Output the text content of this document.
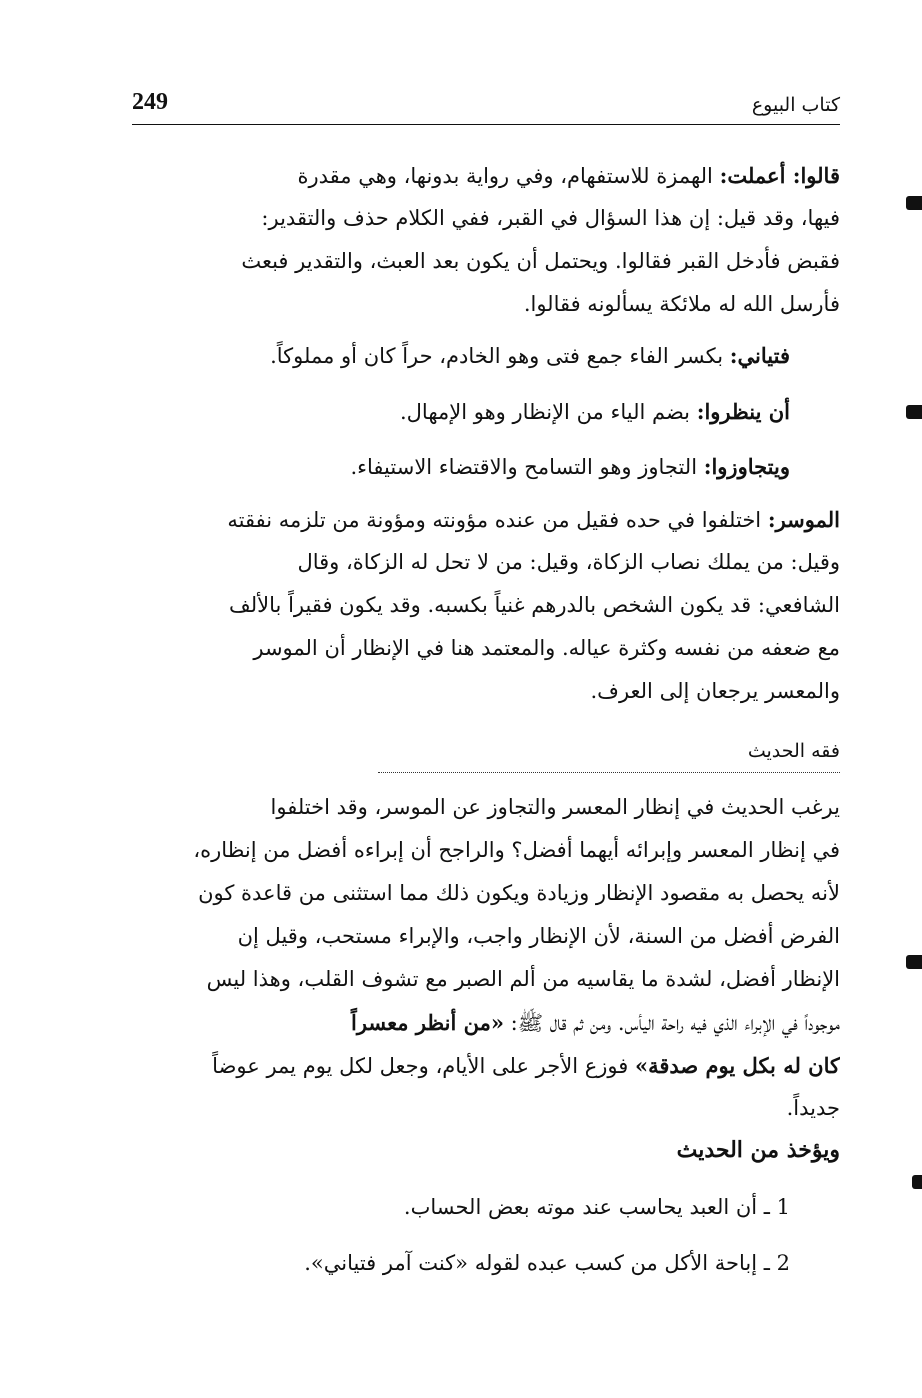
249	كتاب البيوع
قالوا: أعملت: الهمزة للاستفهام، وفي رواية بدونها، وهي مقدرة
فيها، وقد قيل: إن هذا السؤال في القبر، ففي الكلام حذف والتقدير:
فقبض فأدخل القبر فقالوا. ويحتمل أن يكون بعد العبث، والتقدير فبعث
فأرسل الله له ملائكة يسألونه فقالوا.
فتياني: بكسر الفاء جمع فتى وهو الخادم، حراً كان أو مملوكاً.
أن ينظروا: بضم الياء من الإنظار وهو الإمهال.
ويتجاوزوا: التجاوز وهو التسامح والاقتضاء الاستيفاء.
الموسر: اختلفوا في حده فقيل من عنده مؤونته ومؤونة من تلزمه نفقته
وقيل: من يملك نصاب الزكاة، وقيل: من لا تحل له الزكاة، وقال
الشافعي: قد يكون الشخص بالدرهم غنياً بكسبه. وقد يكون فقيراً بالألف
مع ضعفه من نفسه وكثرة عياله. والمعتمد هنا في الإنظار أن الموسر
والمعسر يرجعان إلى العرف.
فقه الحديث
يرغب الحديث في إنظار المعسر والتجاوز عن الموسر، وقد اختلفوا
في إنظار المعسر وإبرائه أيهما أفضل؟ والراجح أن إبراءه أفضل من إنظاره،
لأنه يحصل به مقصود الإنظار وزيادة ويكون ذلك مما استثنى من قاعدة كون
الفرض أفضل من السنة، لأن الإنظار واجب، والإبراء مستحب، وقيل إن
الإنظار أفضل، لشدة ما يقاسيه من ألم الصبر مع تشوف القلب، وهذا ليس
موجوداً في الإبراء الذي فيه راحة اليأس. ومن ثم قال ﷺ: «من أنظر معسراً
كان له بكل يوم صدقة» فوزع الأجر على الأيام، وجعل لكل يوم يمر عوضاً
جديداً.
ويؤخذ من الحديث
1 ـ أن العبد يحاسب عند موته بعض الحساب.
2 ـ إباحة الأكل من كسب عبده لقوله «كنت آمر فتياني».
